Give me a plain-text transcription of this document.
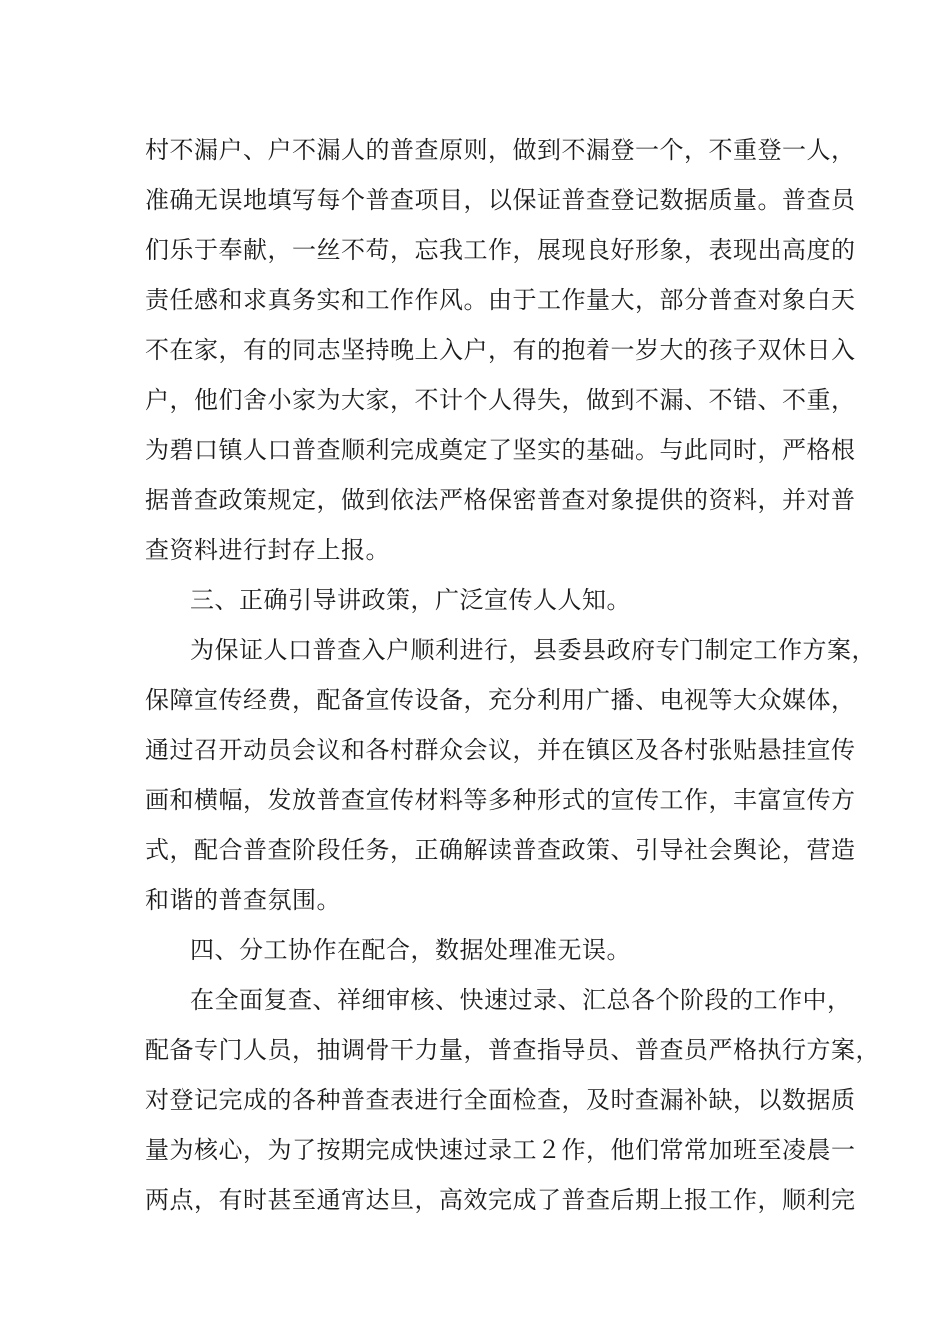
村不漏户、户不漏人的普查原则，做到不漏登一个，不重登一人，
准确无误地填写每个普查项目，以保证普查登记数据质量。普查员
们乐于奉献，一丝不苟，忘我工作，展现良好形象，表现出高度的
责任感和求真务实和工作作风。由于工作量大，部分普查对象白天
不在家，有的同志坚持晚上入户，有的抱着一岁大的孩子双休日入
户，他们舍小家为大家，不计个人得失，做到不漏、不错、不重，
为碧口镇人口普查顺利完成奠定了坚实的基础。与此同时，严格根
据普查政策规定，做到依法严格保密普查对象提供的资料，并对普
查资料进行封存上报。
三、正确引导讲政策，广泛宣传人人知。
为保证人口普查入户顺利进行，县委县政府专门制定工作方案，
保障宣传经费，配备宣传设备，充分利用广播、电视等大众媒体，
通过召开动员会议和各村群众会议，并在镇区及各村张贴悬挂宣传
画和横幅，发放普查宣传材料等多种形式的宣传工作，丰富宣传方
式，配合普查阶段任务，正确解读普查政策、引导社会舆论，营造
和谐的普查氛围。
四、分工协作在配合，数据处理准无误。
在全面复查、祥细审核、快速过录、汇总各个阶段的工作中，
配备专门人员，抽调骨干力量，普查指导员、普查员严格执行方案，
对登记完成的各种普查表进行全面检查，及时查漏补缺，以数据质
量为核心，为了按期完成快速过录工２作，他们常常加班至凌晨一
两点，有时甚至通宵达旦，高效完成了普查后期上报工作，顺利完
